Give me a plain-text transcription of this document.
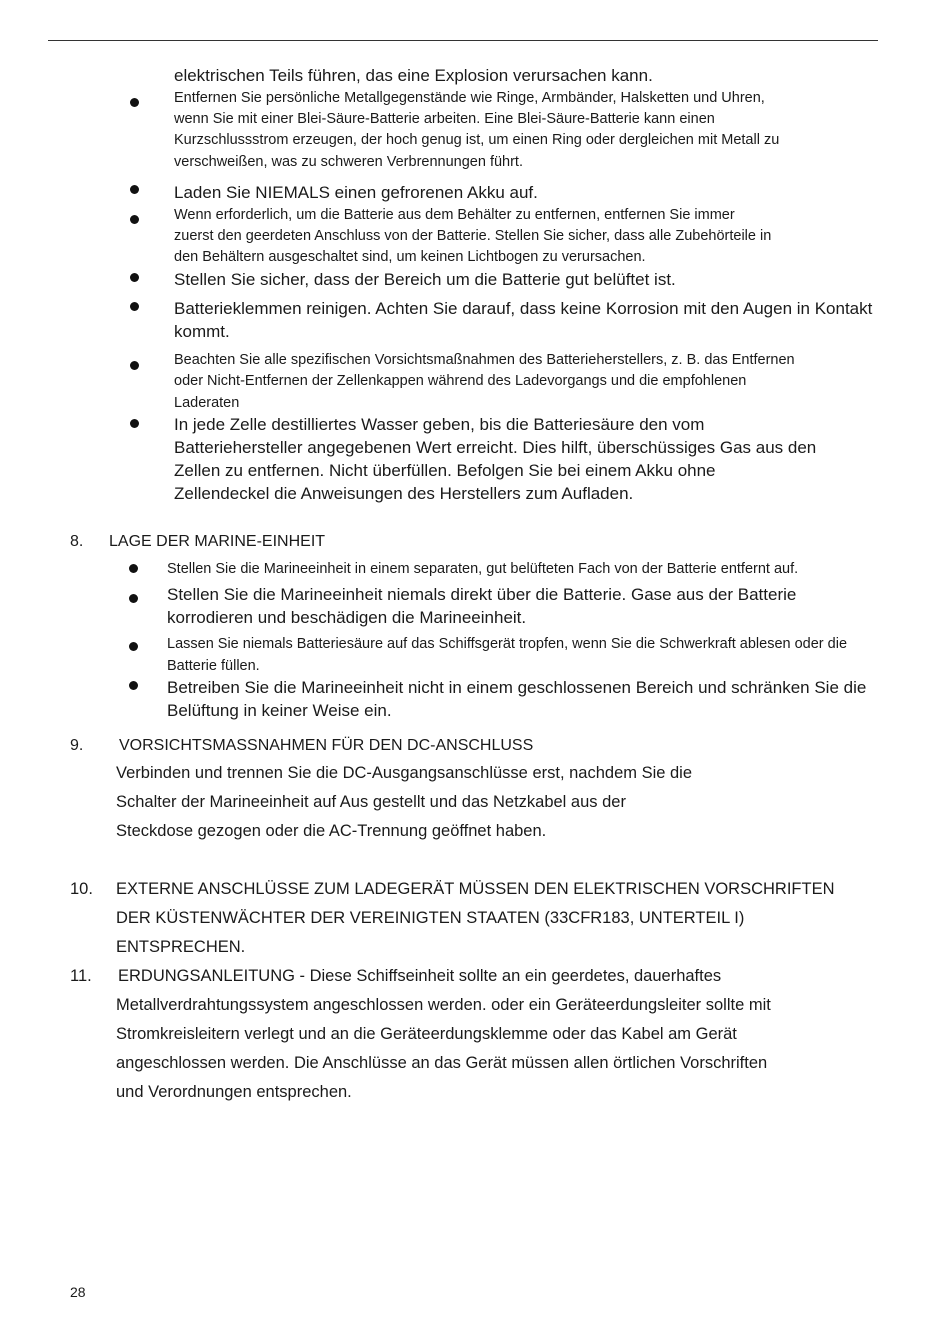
elektrischen Teils führen, das eine Explosion verursachen kann.

Entfernen Sie persönliche Metallgegenstände wie Ringe, Armbänder, Halsketten und Uhren,

wenn Sie mit einer Blei-Säure-Batterie arbeiten. Eine Blei-Säure-Batterie kann einen

Kurzschlussstrom erzeugen, der hoch genug ist, um einen Ring oder dergleichen mit Metall zu

verschweißen, was zu schweren Verbrennungen führt.

Laden Sie NIEMALS einen gefrorenen Akku auf.

Wenn erforderlich, um die Batterie aus dem Behälter zu entfernen, entfernen Sie immer

zuerst den geerdeten Anschluss von der Batterie. Stellen Sie sicher, dass alle Zubehörteile in

den Behältern ausgeschaltet sind, um keinen Lichtbogen zu verursachen.

Stellen Sie sicher, dass der Bereich um die Batterie gut belüftet ist.

Batterieklemmen reinigen. Achten Sie darauf, dass keine Korrosion mit den Augen in Kontakt

kommt.

Beachten Sie alle spezifischen Vorsichtsmaßnahmen des Batterieherstellers, z. B. das Entfernen

oder Nicht-Entfernen der Zellenkappen während des Ladevorgangs und die empfohlenen

Laderaten

In jede Zelle destilliertes Wasser geben, bis die Batteriesäure den vom

Batteriehersteller angegebenen Wert erreicht. Dies hilft, überschüssiges Gas aus den

Zellen zu entfernen. Nicht überfüllen. Befolgen Sie bei einem Akku ohne

Zellendeckel die Anweisungen des Herstellers zum Aufladen.

8. LAGE DER MARINE-EINHEIT

Stellen Sie die Marineeinheit in einem separaten, gut belüfteten Fach von der Batterie entfernt auf.

Stellen Sie die Marineeinheit niemals direkt über die Batterie. Gase aus der Batterie

korrodieren und beschädigen die Marineeinheit.

Lassen Sie niemals Batteriesäure auf das Schiffsgerät tropfen, wenn Sie die Schwerkraft ablesen oder die

Batterie füllen.

Betreiben Sie die Marineeinheit nicht in einem geschlossenen Bereich und schränken Sie die

Belüftung in keiner Weise ein.

9. VORSICHTSMASSNAHMEN FÜR DEN DC-ANSCHLUSS

Verbinden und trennen Sie die DC-Ausgangsanschlüsse erst, nachdem Sie die

Schalter der Marineeinheit auf Aus gestellt und das Netzkabel aus der

Steckdose gezogen oder die AC-Trennung geöffnet haben.

10. EXTERNE ANSCHLÜSSE ZUM LADEGERÄT MÜSSEN DEN ELEKTRISCHEN VORSCHRIFTEN

DER KÜSTENWÄCHTER DER VEREINIGTEN STAATEN (33CFR183, UNTERTEIL I)

ENTSPRECHEN.

11. ERDUNGSANLEITUNG - Diese Schiffseinheit sollte an ein geerdetes, dauerhaftes

Metallverdrahtungssystem angeschlossen werden. oder ein Geräteerdungsleiter sollte mit

Stromkreisleitern verlegt und an die Geräteerdungsklemme oder das Kabel am Gerät

angeschlossen werden. Die Anschlüsse an das Gerät müssen allen örtlichen Vorschriften

und Verordnungen entsprechen.

28
